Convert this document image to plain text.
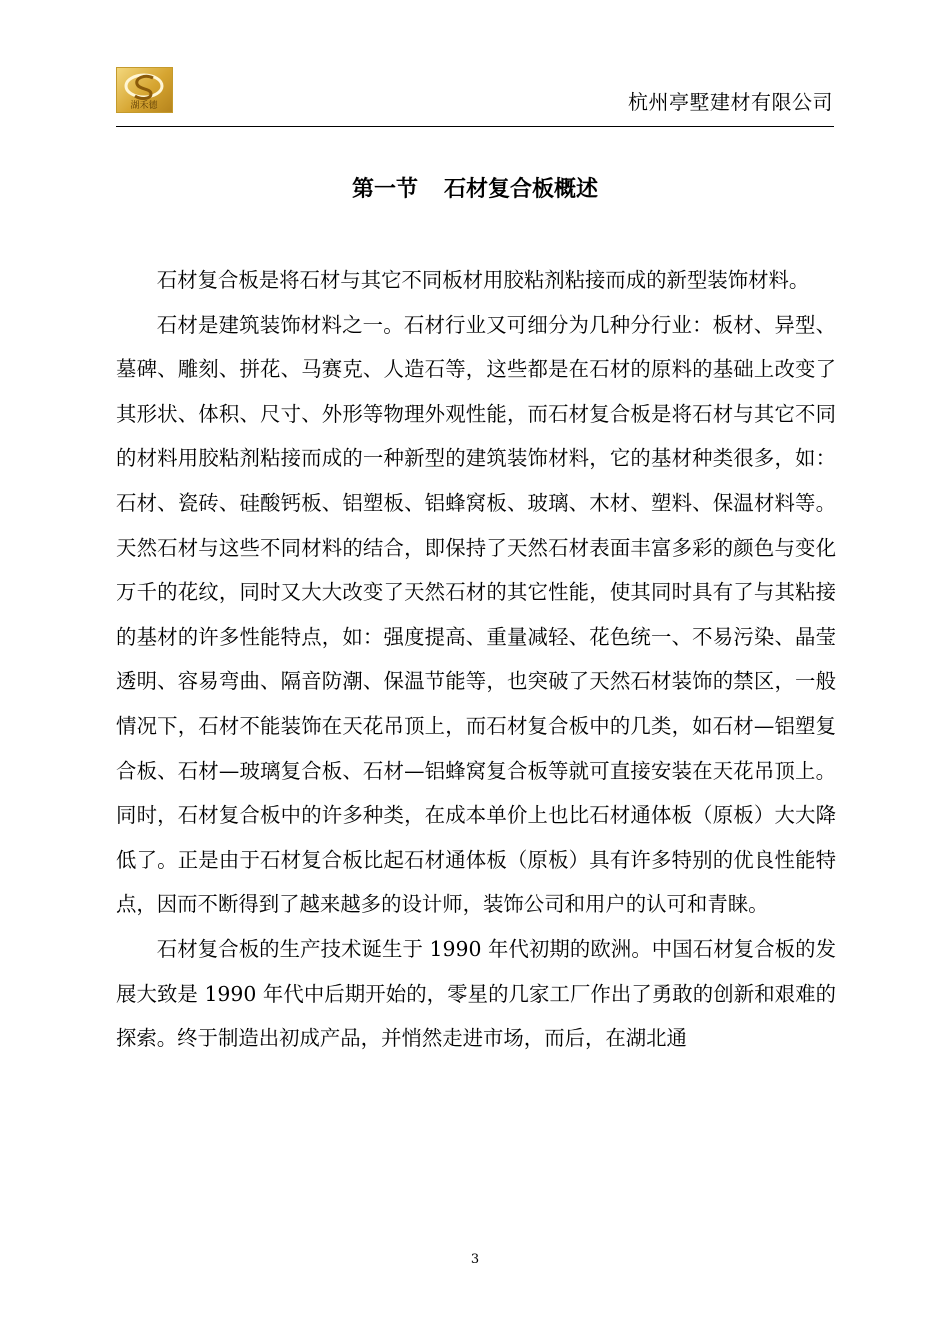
湖禾德	杭州亭墅建材有限公司
第一节 石材复合板概述

石材复合板是将石材与其它不同板材用胶粘剂粘接而成的新型装饰材料。

石材是建筑装饰材料之一。石材行业又可细分为几种分行业：板材、异型、墓碑、雕刻、拼花、马赛克、人造石等，这些都是在石材的原料的基础上改变了其形状、体积、尺寸、外形等物理外观性能，而石材复合板是将石材与其它不同的材料用胶粘剂粘接而成的一种新型的建筑装饰材料，它的基材种类很多，如：石材、瓷砖、硅酸钙板、铝塑板、铝蜂窝板、玻璃、木材、塑料、保温材料等。天然石材与这些不同材料的结合，即保持了天然石材表面丰富多彩的颜色与变化万千的花纹，同时又大大改变了天然石材的其它性能，使其同时具有了与其粘接的基材的许多性能特点，如：强度提高、重量减轻、花色统一、不易污染、晶莹透明、容易弯曲、隔音防潮、保温节能等，也突破了天然石材装饰的禁区，一般情况下，石材不能装饰在天花吊顶上，而石材复合板中的几类，如石材—铝塑复合板、石材—玻璃复合板、石材—铝蜂窝复合板等就可直接安装在天花吊顶上。同时，石材复合板中的许多种类，在成本单价上也比石材通体板（原板）大大降低了。正是由于石材复合板比起石材通体板（原板）具有许多特别的优良性能特点，因而不断得到了越来越多的设计师，装饰公司和用户的认可和青睐。

石材复合板的生产技术诞生于 1990 年代初期的欧洲。中国石材复合板的发展大致是 1990 年代中后期开始的，零星的几家工厂作出了勇敢的创新和艰难的探索。终于制造出初成产品，并悄然走进市场，而后，在湖北通

3
